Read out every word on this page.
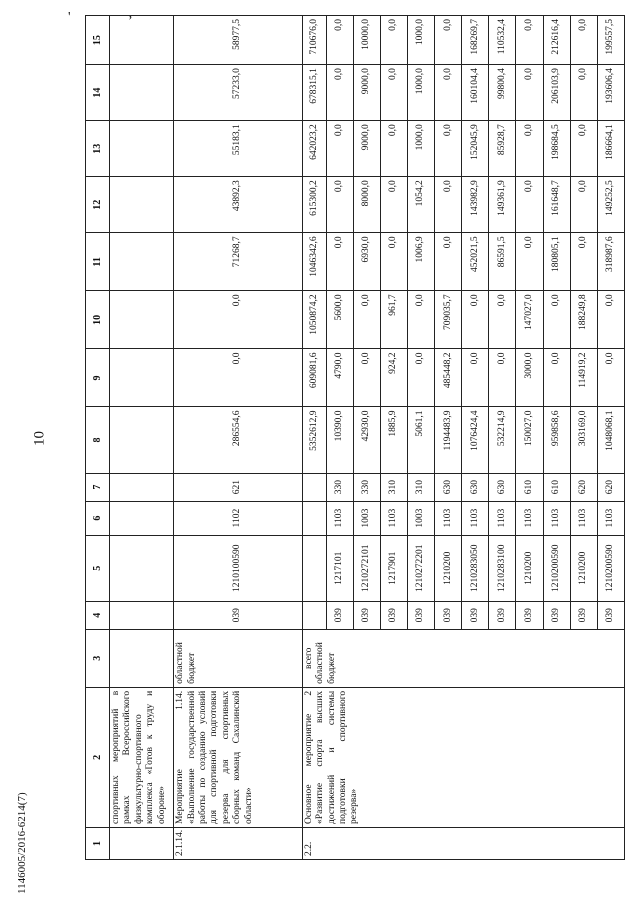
'	ʼ
10
1146005/2016-6214(7)	1	2	3	4	5	6	7	8	9	10	11	12	13	14	15
	спортивных мероприятий в рамках Всероссийского физкультурно-спортивного комплекса «Готов к труду и обороне»													
2.1.14.	Мероприятие 1.14. «Выполнение государственной работы по созданию условий для спортивной подготовки резерва для спортивных сборных команд Сахалинской области»	областной бюджет	039	1210100590	1102	621	286554,6	0,0	0,0	71268,7	43892,3	55183,1	57233,0	58977,5
2.2.	Основное мероприятие 2 «Развитие спорта высших достижений и системы подготовки спортивного резерва»	всего областной бюджет					5352612,9	609081,6	1050874,2	1046342,6	615300,2	642023,2	678315,1	710676,0
			039	1217101	1103	330	10390,0	4790,0	5600,0	0,0	0,0	0,0	0,0	0,0
			039	1210272101	1003	330	42930,0	0,0	0,0	6930,0	8000,0	9000,0	9000,0	10000,0
			039	1217901	1103	310	1885,9	924,2	961,7	0,0	0,0	0,0	0,0	0,0
			039	1210272201	1003	310	5061,1	0,0	0,0	1006,9	1054,2	1000,0	1000,0	1000,0
			039	1210200	1103	630	1194483,9	485448,2	709035,7	0,0	0,0	0,0	0,0	0,0
			039	1210283050	1103	630	1076424,4	0,0	0,0	452021,5	143982,9	152045,9	160104,4	168269,7
			039	1210283100	1103	630	532214,9	0,0	0,0	86591,5	149361,9	85928,7	99800,4	110532,4
			039	1210200	1103	610	150027,0	3000,0	147027,0	0,0	0,0	0,0	0,0	0,0
			039	1210200590	1103	610	959858,6	0,0	0,0	180805,1	161648,7	198684,5	206103,9	212616,4
			039	1210200	1103	620	303169,0	114919,2	188249,8	0,0	0,0	0,0	0,0	0,0
			039	1210200590	1103	620	1048068,1	0,0	0,0	318987,6	149252,5	186664,1	193606,4	199557,5
